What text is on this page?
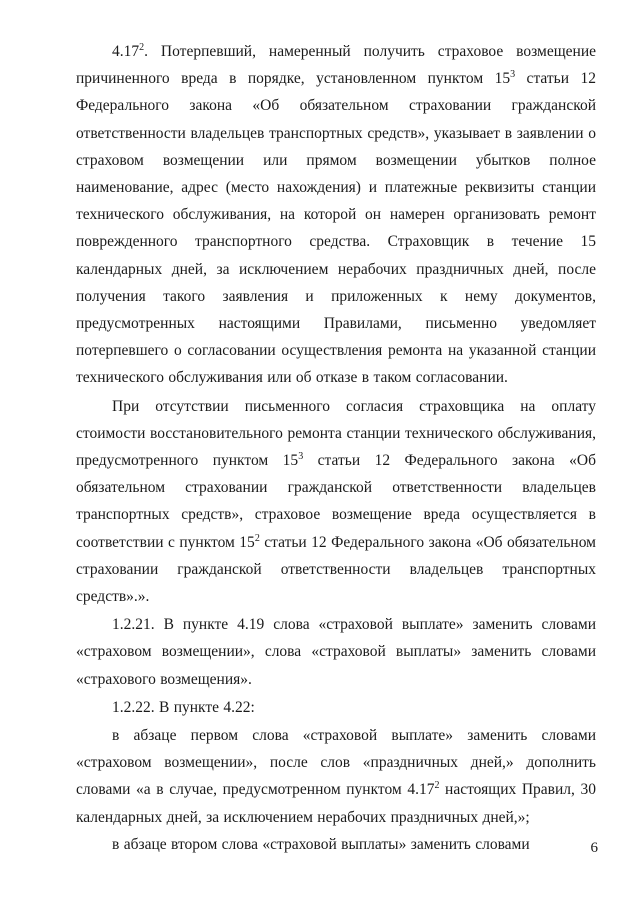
4.17$^2$. Потерпевший, намеренный получить страховое возмещение причиненного вреда в порядке, установленном пунктом $15^3$ статьи 12 Федерального закона «Об обязательном страховании гражданской ответственности владельцев транспортных средств», указывает в заявлении о страховом возмещении или прямом возмещении убытков полное наименование, адрес (место нахождения) и платежные реквизиты станции технического обслуживания, на которой он намерен организовать ремонт поврежденного транспортного средства. Страховщик в течение 15 календарных дней, за исключением нерабочих праздничных дней, после получения такого заявления и приложенных к нему документов, предусмотренных настоящими Правилами, письменно уведомляет потерпевшего о согласовании осуществления ремонта на указанной станции технического обслуживания или об отказе в таком согласовании.

При отсутствии письменного согласия страховщика на оплату стоимости восстановительного ремонта станции технического обслуживания, предусмотренного пунктом $15^3$ статьи 12 Федерального закона «Об обязательном страховании гражданской ответственности владельцев транспортных средств», страховое возмещение вреда осуществляется в соответствии с пунктом $15^2$ статьи 12 Федерального закона «Об обязательном страховании гражданской ответственности владельцев транспортных средств».».

1.2.21. В пункте 4.19 слова «страховой выплате» заменить словами «страховом возмещении», слова «страховой выплаты» заменить словами «страхового возмещения».

1.2.22. В пункте 4.22:

в абзаце первом слова «страховой выплате» заменить словами «страховом возмещении», после слов «праздничных дней,» дополнить словами «а в случае, предусмотренном пунктом 4.17$^2$ настоящих Правил, 30 календарных дней, за исключением нерабочих праздничных дней,»;

в абзаце втором слова «страховой выплаты» заменить словами	6
